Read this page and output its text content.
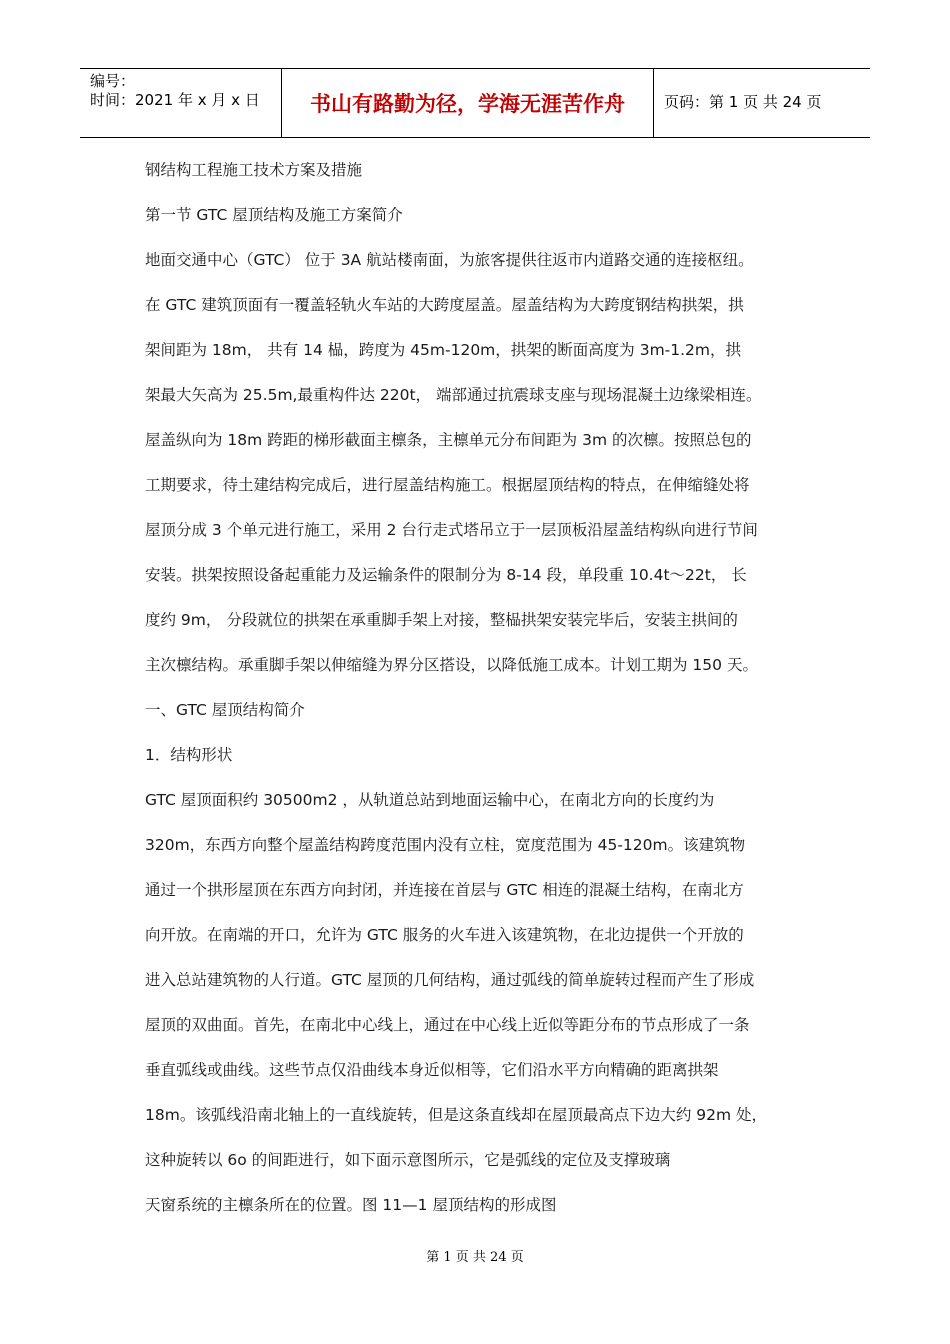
编号：
时间：2021 年 x 月 x 日	书山有路勤为径，学海无涯苦作舟	页码：第 1 页 共 24 页
钢结构工程施工技术方案及措施
第一节 GTC 屋顶结构及施工方案简介
地面交通中心（GTC） 位于 3A 航站楼南面，为旅客提供往返市内道路交通的连接枢纽。
在 GTC 建筑顶面有一覆盖轻轨火车站的大跨度屋盖。屋盖结构为大跨度钢结构拱架，拱
架间距为 18m， 共有 14 榀，跨度为 45m-120m，拱架的断面高度为 3m-1.2m，拱
架最大矢高为 25.5m,最重构件达 220t， 端部通过抗震球支座与现场混凝土边缘梁相连。
屋盖纵向为 18m 跨距的梯形截面主檩条，主檩单元分布间距为 3m 的次檩。按照总包的
工期要求，待土建结构完成后，进行屋盖结构施工。根据屋顶结构的特点，在伸缩缝处将
屋顶分成 3 个单元进行施工，采用 2 台行走式塔吊立于一层顶板沿屋盖结构纵向进行节间
安装。拱架按照设备起重能力及运输条件的限制分为 8-14 段，单段重 10.4t～22t， 长
度约 9m， 分段就位的拱架在承重脚手架上对接，整榀拱架安装完毕后，安装主拱间的
主次檩结构。承重脚手架以伸缩缝为界分区搭设，以降低施工成本。计划工期为 150 天。
一、GTC 屋顶结构简介
1．结构形状
GTC 屋顶面积约 30500m2 ，从轨道总站到地面运输中心，在南北方向的长度约为
320m，东西方向整个屋盖结构跨度范围内没有立柱，宽度范围为 45-120m。该建筑物
通过一个拱形屋顶在东西方向封闭，并连接在首层与 GTC 相连的混凝土结构，在南北方
向开放。在南端的开口，允许为 GTC 服务的火车进入该建筑物，在北边提供一个开放的
进入总站建筑物的人行道。GTC 屋顶的几何结构，通过弧线的简单旋转过程而产生了形成
屋顶的双曲面。首先，在南北中心线上，通过在中心线上近似等距分布的节点形成了一条
垂直弧线或曲线。这些节点仅沿曲线本身近似相等，它们沿水平方向精确的距离拱架
18m。该弧线沿南北轴上的一直线旋转，但是这条直线却在屋顶最高点下边大约 92m 处，
这种旋转以 6o 的间距进行，如下面示意图所示，它是弧线的定位及支撑玻璃
天窗系统的主檩条所在的位置。图 11—1 屋顶结构的形成图
第 1 页 共 24 页
